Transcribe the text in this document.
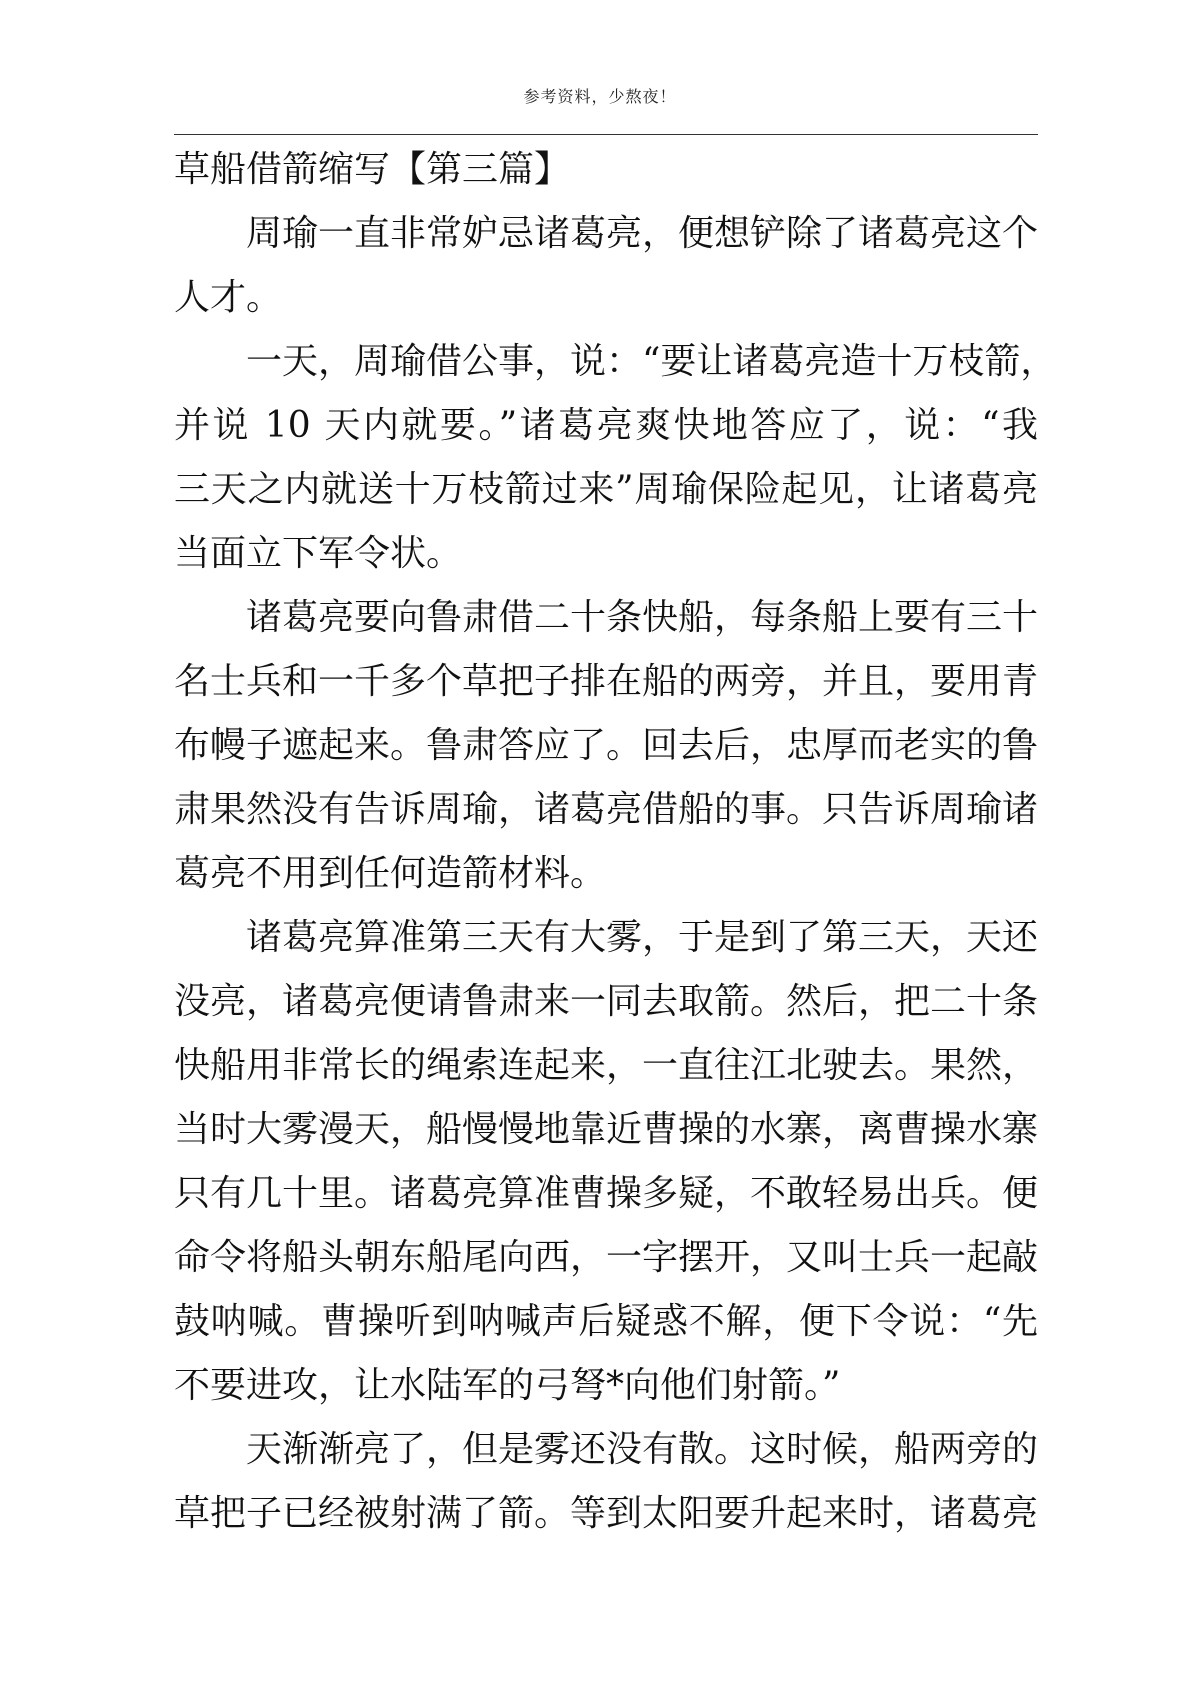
参考资料，少熬夜！
草船借箭缩写【第三篇】
周瑜一直非常妒忌诸葛亮，便想铲除了诸葛亮这个
人才。
一天，周瑜借公事，说：“要让诸葛亮造十万枝箭，
并说 10 天内就要。”诸葛亮爽快地答应了，说：“我
三天之内就送十万枝箭过来”周瑜保险起见，让诸葛亮
当面立下军令状。
诸葛亮要向鲁肃借二十条快船，每条船上要有三十
名士兵和一千多个草把子排在船的两旁，并且，要用青
布幔子遮起来。鲁肃答应了。回去后，忠厚而老实的鲁
肃果然没有告诉周瑜，诸葛亮借船的事。只告诉周瑜诸
葛亮不用到任何造箭材料。
诸葛亮算准第三天有大雾，于是到了第三天，天还
没亮，诸葛亮便请鲁肃来一同去取箭。然后，把二十条
快船用非常长的绳索连起来，一直往江北驶去。果然，
当时大雾漫天，船慢慢地靠近曹操的水寨，离曹操水寨
只有几十里。诸葛亮算准曹操多疑，不敢轻易出兵。便
命令将船头朝东船尾向西，一字摆开，又叫士兵一起敲
鼓呐喊。曹操听到呐喊声后疑惑不解，便下令说：“先
不要进攻，让水陆军的弓弩*向他们射箭。”
天渐渐亮了，但是雾还没有散。这时候，船两旁的
草把子已经被射满了箭。等到太阳要升起来时，诸葛亮
